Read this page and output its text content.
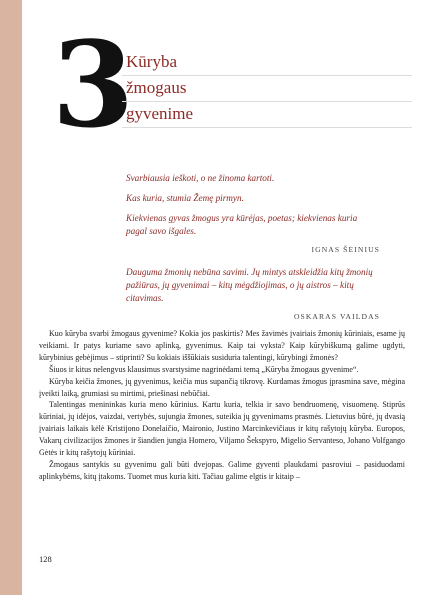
3
Kūryba
žmogaus
gyvenime

Svarbiausia ieškoti, o ne žinoma kartoti.

Kas kuria, stumia Žemę pirmyn.

Kiekvienas gyvas žmogus yra kūrėjas, poetas; kiekvienas kuria pagal savo išgales.

IGNAS ŠEINIUS

Dauguma žmonių nebūna savimi. Jų mintys atskleidžia kitų žmonių pažiūras, jų gyvenimai – kitų mėgdžiojimas, o jų aistros – kitų citavimas.

OSKARAS VAILDAS

Kuo kūryba svarbi žmogaus gyvenime? Kokia jos paskirtis? Mes žavimės įvairiais žmonių kūriniais, esame jų veikiami. Ir patys kuriame savo aplinką, gyvenimus. Kaip tai vyksta? Kaip kūrybiškumą galime ugdyti, kūrybinius gebėjimus – stiprinti? Su kokiais iššūkiais susiduria talentingi, kūrybingi žmonės?

Šiuos ir kitus nelengvus klausimus svarstysime nagrinėdami temą „Kūryba žmogaus gyvenime“.

Kūryba keičia žmones, jų gyvenimus, keičia mus supančią tikrovę. Kurdamas žmogus įprasmina save, mėgina įveikti laiką, grumiasi su mirtimi, priešinasi nebūčiai.

Talentingas menininkas kuria meno kūrinius. Kartu kuria, telkia ir savo bendruomenę, visuomenę. Stiprūs kūriniai, jų idėjos, vaizdai, vertybės, sujungia žmones, suteikia jų gyvenimams prasmės. Lietuvius būrė, jų dvasią įvairiais laikais kėlė Kristijono Donelaičio, Maironio, Justino Marcinkevičiaus ir kitų rašytojų kūryba. Europos, Vakarų civilizacijos žmones ir šiandien jungia Homero, Viljamo Šekspyro, Migelio Servanteso, Johano Volfgango Gėtės ir kitų rašytojų kūriniai.

Žmogaus santykis su gyvenimu gali būti dvejopas. Galime gyventi plaukdami pasroviui – pasiduodami aplinkybėms, kitų įtakoms. Tuomet mus kuria kiti. Tačiau galime elgtis ir kitaip –

128
